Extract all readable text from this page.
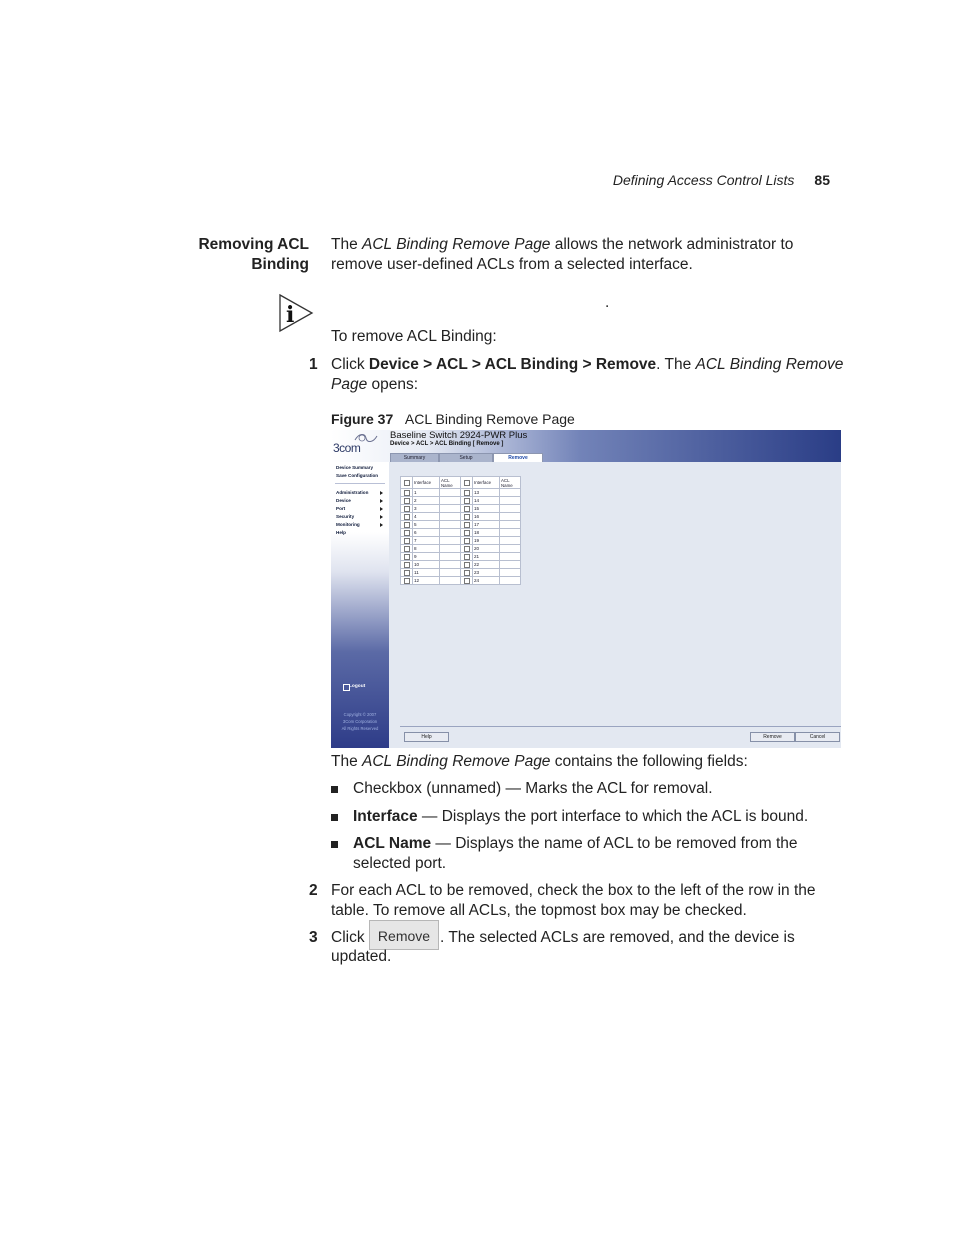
Defining Access Control Lists 85
Removing ACL
Binding
The ACL Binding Remove Page allows the network administrator to
remove user-defined ACLs from a selected interface.
i	.
To remove ACL Binding:
1 Click Device > ACL > ACL Binding > Remove. The ACL Binding Remove
Page opens:
Figure 37 ACL Binding Remove Page
Baseline Switch 2924-PWR Plus
Device > ACL > ACL Binding [ Remove ]
Summary	Setup	Remove
3com
Device Summary
Save Configuration
Administration
Device
Port
Security
Monitoring
Help
Logout
Copyright © 2007
3Com Corporation
All Rights Reserved
	Interface	ACL Name		Interface	ACL Name
	1			13	
	2			14	
	3			15	
	4			16	
	5			17	
	6			18	
	7			19	
	8			20	
	9			21	
	10			22	
	11			23	
	12			24	
Help	Remove	Cancel
The ACL Binding Remove Page contains the following fields:
Checkbox (unnamed) — Marks the ACL for removal.
Interface — Displays the port interface to which the ACL is bound.
ACL Name — Displays the name of ACL to be removed from the
selected port.
2 For each ACL to be removed, check the box to the left of the row in the
table. To remove all ACLs, the topmost box may be checked.
3 Click Remove . The selected ACLs are removed, and the device is
updated.
